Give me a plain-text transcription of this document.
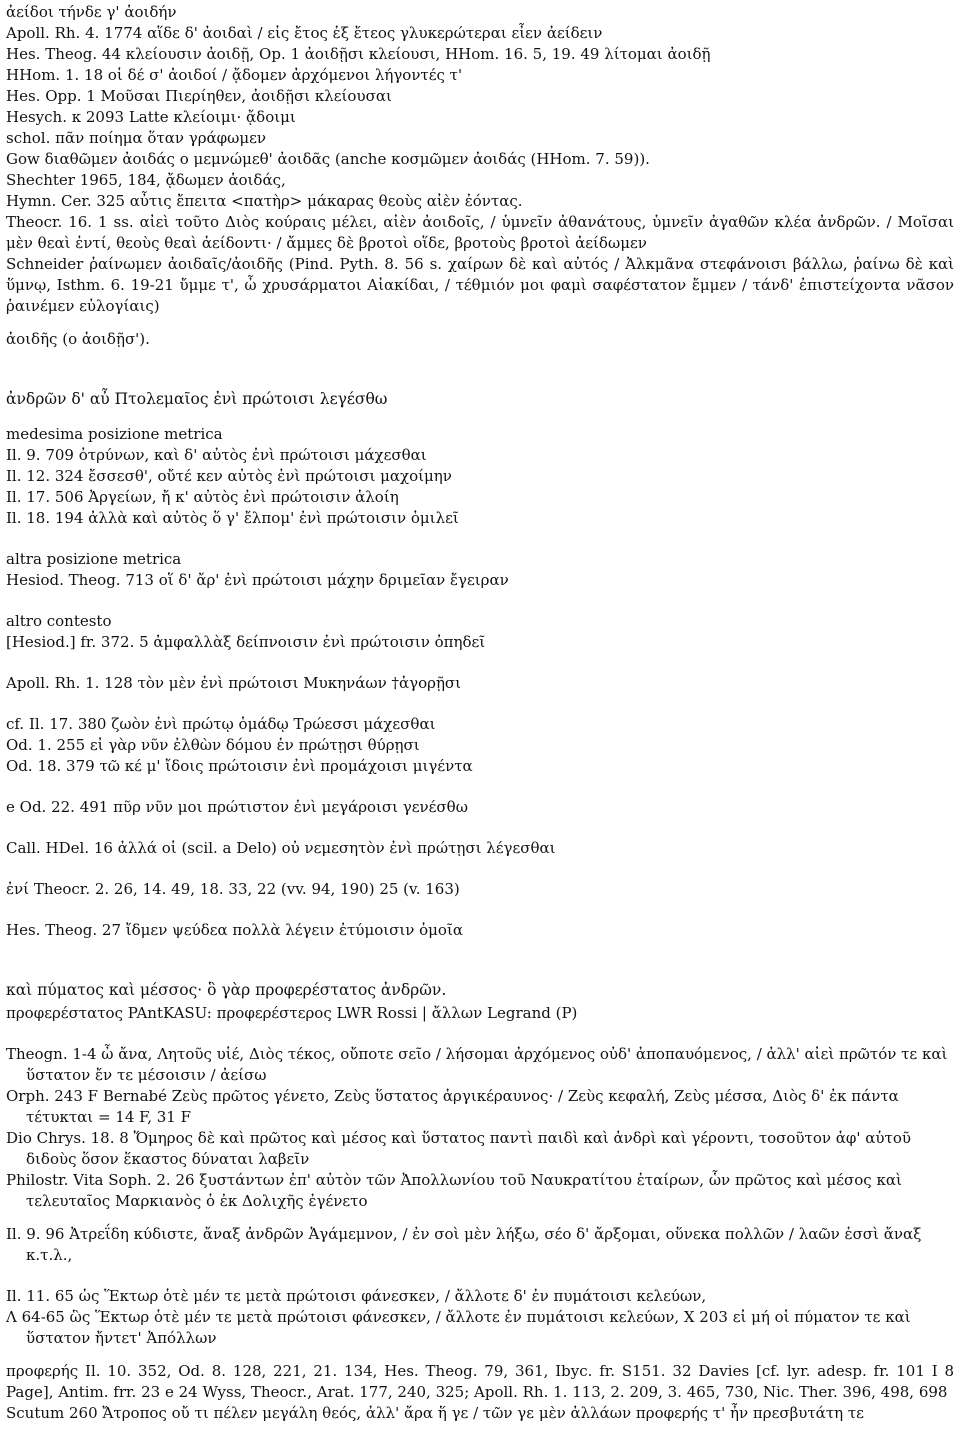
ἀείδοι τήνδε γ' ἀοιδήν
Apoll. Rh. 4. 1774 αἵδε δ' ἀοιδαὶ / εἰς ἔτος ἐξ ἔτεος γλυκερώτεραι εἶεν ἀείδειν
Hes. Theog. 44 κλείουσιν ἀοιδῇ, Op. 1 ἀοιδῇσι κλείουσι, HHom. 16. 5, 19. 49 λίτομαι ἀοιδῇ
HHom. 1. 18 οἱ δέ σ' ἀοιδοί / ᾄδομεν ἀρχόμενοι λήγοντές τ'
Hes. Opp. 1 Μοῦσαι Πιερίηθεν, ἀοιδῇσι κλείουσαι
Hesych. κ 2093 Latte κλείοιμι· ᾄδοιμι
schol. πᾶν ποίημα ὅταν γράφωμεν
Gow διαθῶμεν ἀοιδάς o μεμνώμεθ' ἀοιδᾶς (anche κοσμῶμεν ἀοιδάς (HHom. 7. 59)).
Shechter 1965, 184, ᾄδωμεν ἀοιδάς,
Hymn. Cer. 325 αὖτις ἔπειτα <πατὴρ> μάκαρας θεοὺς αἰὲν ἐόντας.
Theocr. 16. 1 ss. αἰεὶ τοῦτο Διὸς κούραις μέλει, αἰὲν ἀοιδοῖς, / ὑμνεῖν ἀθανάτους, ὑμνεῖν ἀγαθῶν κλέα ἀνδρῶν. / Μοῖσαι μὲν θεαὶ ἐντί, θεοὺς θεαὶ ἀείδοντι· / ἄμμες δὲ βροτοὶ οἵδε, βροτοὺς βροτοὶ ἀείδωμεν
Schneider ῥαίνωμεν ἀοιδαῖς/ἀοιδῆς (Pind. Pyth. 8. 56 s. χαίρων δὲ καὶ αὐτός / Ἀλκμᾶνα στεφάνοισι βάλλω, ῥαίνω δὲ καὶ ὕμνῳ, Isthm. 6. 19-21 ὔμμε τ', ὦ χρυσάρματοι Αἰακίδαι, / τέθμιόν μοι φαμὶ σαφέστατον ἔμμεν / τάνδ' ἐπιστείχοντα νᾶσον ῥαινέμεν εὐλογίαις)
ἀοιδῆς (o ἀοιδῇσ').
ἀνδρῶν δ' αὖ Πτολεμαῖος ἐνὶ πρώτοισι λεγέσθω
medesima posizione metrica
Il. 9. 709 ὀτρύνων, καὶ δ' αὐτὸς ἐνὶ πρώτοισι μάχεσθαι
Il. 12. 324 ἔσσεσθ', οὔτέ κεν αὐτὸς ἐνὶ πρώτοισι μαχοίμην
Il. 17. 506 Ἀργείων, ἤ κ' αὐτὸς ἐνὶ πρώτοισιν ἁλοίη
Il. 18. 194 ἀλλὰ καὶ αὐτὸς ὅ γ' ἔλπομ' ἐνὶ πρώτοισιν ὁμιλεῖ
altra posizione metrica
Hesiod. Theog. 713 οἵ δ' ἄρ' ἐνὶ πρώτοισι μάχην δριμεῖαν ἔγειραν
altro contesto
[Hesiod.] fr. 372. 5 ἀμφαλλὰξ δείπνοισιν ἐνὶ πρώτοισιν ὀπηδεῖ
Apoll. Rh. 1. 128 τὸν μὲν ἐνὶ πρώτοισι Μυκηνάων †ἀγορῇσι
cf. Il. 17. 380 ζωὸν ἐνὶ πρώτῳ ὁμάδῳ Τρώεσσι μάχεσθαι
Od. 1. 255 εἰ γὰρ νῦν ἐλθὼν δόμου ἐν πρώτῃσι θύρῃσι
Od. 18. 379 τῶ κέ μ' ἴδοις πρώτοισιν ἐνὶ προμάχοισι μιγέντα
e Od. 22. 491 πῦρ νῦν μοι πρώτιστον ἐνὶ μεγάροισι γενέσθω
Call. HDel. 16 ἀλλά οἱ (scil. a Delo) οὐ νεμεσητὸν ἐνὶ πρώτῃσι λέγεσθαι
ἐνί Theocr. 2. 26, 14. 49, 18. 33, 22 (vv. 94, 190) 25 (v. 163)
Hes. Theog. 27 ἴδμεν ψεύδεα πολλὰ λέγειν ἐτύμοισιν ὁμοῖα
καὶ πύματος καὶ μέσσος· ὃ γὰρ προφερέστατος ἀνδρῶν.
προφερέστατος PAntKASU: προφερέστερος LWR Rossi | ἄλλων Legrand (P)
Theogn. 1-4 ὦ ἄνα, Λητοῦς υἱέ, Διὸς τέκος, οὔποτε σεῖο / λήσομαι ἀρχόμενος οὐδ' ἀποπαυόμενος, / ἀλλ' αἰεὶ πρῶτόν τε καὶ ὕστατον ἔν τε μέσοισιν / ἀείσω
Orph. 243 F Bernabé Ζεὺς πρῶτος γένετο, Ζεὺς ὕστατος ἀργικέραυνος· / Ζεὺς κεφαλή, Ζεὺς μέσσα, Διὸς δ' ἐκ πάντα τέτυκται = 14 F, 31 F
Dio Chrys. 18. 8 Ὅμηρος δὲ καὶ πρῶτος καὶ μέσος καὶ ὕστατος παντὶ παιδὶ καὶ ἀνδρὶ καὶ γέροντι, τοσοῦτον ἀφ' αὑτοῦ διδοὺς ὅσον ἕκαστος δύναται λαβεῖν
Philostr. Vita Soph. 2. 26 ξυστάντων ἐπ' αὐτὸν τῶν Ἀπολλωνίου τοῦ Ναυκρατίτου ἑταίρων, ὧν πρῶτος καὶ μέσος καὶ τελευταῖος Μαρκιανὸς ὁ ἐκ Δολιχῆς ἐγένετο
Il. 9. 96 Ἀτρεΐδη κύδιστε, ἄναξ ἀνδρῶν Ἀγάμεμνον, / ἐν σοὶ μὲν λήξω, σέο δ' ἄρξομαι, οὕνεκα πολλῶν / λαῶν ἐσσὶ ἄναξ κ.τ.λ.,
Il. 11. 65 ὡς Ἕκτωρ ὁτὲ μέν τε μετὰ πρώτοισι φάνεσκεν, / ἄλλοτε δ' ἐν πυμάτοισι κελεύων,
Λ 64-65 ὣς Ἕκτωρ ὁτὲ μέν τε μετὰ πρώτοισι φάνεσκεν, / ἄλλοτε ἐν πυμάτοισι κελεύων, Χ 203 εἰ μή οἱ πύματον τε καὶ ὕστατον ἤντετ' Ἀπόλλων
προφερής Il. 10. 352, Od. 8. 128, 221, 21. 134, Hes. Theog. 79, 361, Ibyc. fr. S151. 32 Davies [cf. lyr. adesp. fr. 101 I 8 Page], Antim. frr. 23 e 24 Wyss, Theocr., Arat. 177, 240, 325; Apoll. Rh. 1. 113, 2. 209, 3. 465, 730, Nic. Ther. 396, 498, 698
Scutum 260 Ἄτροπος οὔ τι πέλεν μεγάλη θεός, ἀλλ' ἄρα ἥ γε / τῶν γε μὲν ἀλλάων προφερής τ' ἦν πρεσβυτάτη τε
